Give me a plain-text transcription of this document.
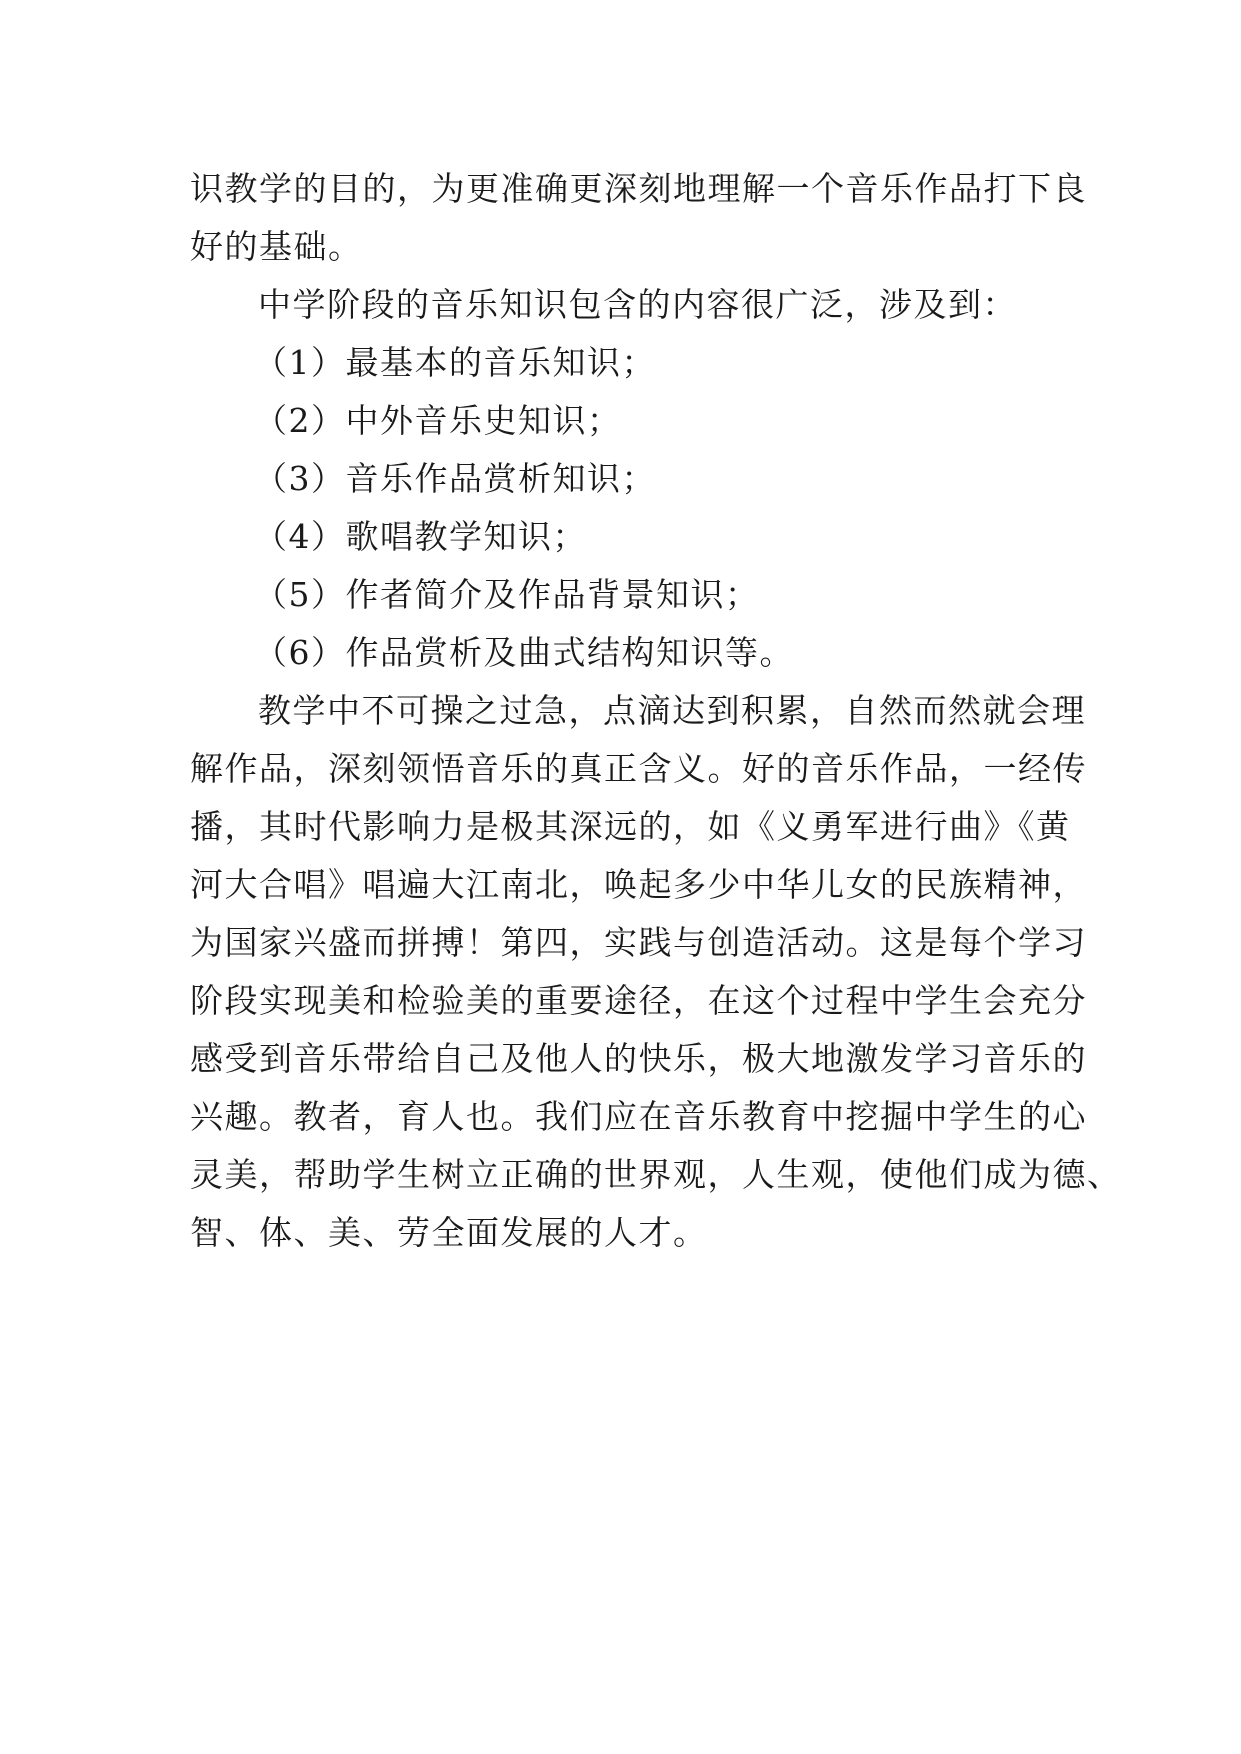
识教学的目的，为更准确更深刻地理解一个音乐作品打下良
好的基础。
中学阶段的音乐知识包含的内容很广泛，涉及到：
（1）最基本的音乐知识；
（2）中外音乐史知识；
（3）音乐作品赏析知识；
（4）歌唱教学知识；
（5）作者简介及作品背景知识；
（6）作品赏析及曲式结构知识等。
教学中不可操之过急，点滴达到积累，自然而然就会理
解作品，深刻领悟音乐的真正含义。好的音乐作品，一经传
播，其时代影响力是极其深远的，如《义勇军进行曲》《黄
河大合唱》唱遍大江南北，唤起多少中华儿女的民族精神，
为国家兴盛而拼搏！第四，实践与创造活动。这是每个学习
阶段实现美和检验美的重要途径，在这个过程中学生会充分
感受到音乐带给自己及他人的快乐，极大地激发学习音乐的
兴趣。教者，育人也。我们应在音乐教育中挖掘中学生的心
灵美，帮助学生树立正确的世界观，人生观，使他们成为德、
智、体、美、劳全面发展的人才。
